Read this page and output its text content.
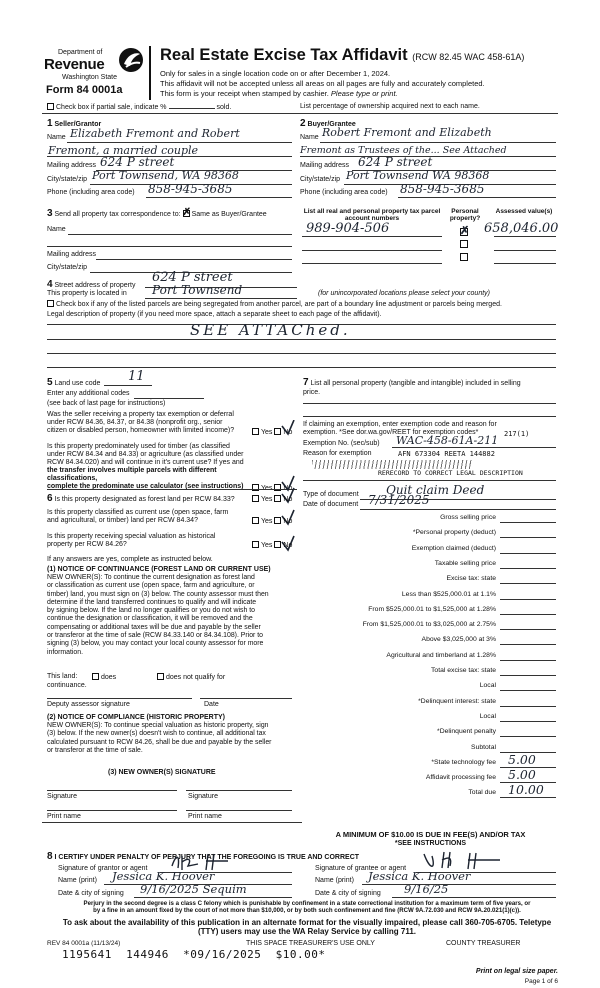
Department of
Revenue
Washington State
Form 84 0001a
Real Estate Excise Tax Affidavit (RCW 82.45 WAC 458-61A)
Only for sales in a single location code on or after December 1, 2024.
This affidavit will not be accepted unless all areas on all pages are fully and accurately completed.
This form is your receipt when stamped by cashier. Please type or print.
Check box if partial sale, indicate %	sold.	List percentage of ownership acquired next to each name.
1 Seller/Grantor
Name Elizabeth Fremont and Robert
Fremont, a married couple
Mailing address 624 P street
City/state/zip Port Townsend, WA 98368
Phone (including area code) 858-945-3685
2 Buyer/Grantee
Name Robert Fremont and Elizabeth
Fremont as Trustees of the... See Attached
Mailing address 624 P street
City/state/zip Port Townsend WA 98368
Phone (including area code) 858-945-3685
3 Send all property tax correspondence to: ✗ Same as Buyer/Grantee
Name
Mailing address
City/state/zip
List all real and personal property tax parcel account numbers
Personal property?
Assessed value(s)
989-904-506	✗ 658,046.00
4 Street address of property
624 P street
This property is located in Port Townsend	(for unincorporated locations please select your county)
Check box if any of the listed parcels are being segregated from another parcel, are part of a boundary line adjustment or parcels being merged.
Legal description of property (if you need more space, attach a separate sheet to each page of the affidavit).
SEE ATTAChed.
5 Land use code 11
Enter any additional codes
(see back of last page for instructions)
Was the seller receiving a property tax exemption or deferral
under RCW 84.36, 84.37, or 84.38 (nonprofit org., senior
citizen or disabled person, homeowner with limited income)?	Yes No
Is this property predominately used for timber (as classified
under RCW 84.34 and 84.33) or agriculture (as classified under
RCW 84.34.020) and will continue in it's current use? If yes and
the transfer involves multiple parcels with different classifications,
complete the predominate use calculator (see instructions)	Yes No
6 Is this property designated as forest land per RCW 84.33?	Yes No
Is this property classified as current use (open space, farm
and agricultural, or timber) land per RCW 84.34?	Yes No
Is this property receiving special valuation as historical
property per RCW 84.26?	Yes No
If any answers are yes, complete as instructed below.
(1) NOTICE OF CONTINUANCE (FOREST LAND OR CURRENT USE)
NEW OWNER(S): To continue the current designation as forest land
or classification as current use (open space, farm and agriculture, or
timber) land, you must sign on (3) below. The county assessor must then
determine if the land transferred continues to qualify and will indicate
by signing below. If the land no longer qualifies or you do not wish to
continue the designation or classification, it will be removed and the
compensating or additional taxes will be due and payable by the seller
or transferor at the time of sale (RCW 84.33.140 or 84.34.108). Prior to
signing (3) below, you may contact your local county assessor for more
information.
This land:	does	does not qualify for
continuance.
Deputy assessor signature	Date
(2) NOTICE OF COMPLIANCE (HISTORIC PROPERTY)
NEW OWNER(S): To continue special valuation as historic property, sign
(3) below. If the new owner(s) doesn't wish to continue, all additional tax
calculated pursuant to RCW 84.26, shall be due and payable by the seller
or transferor at the time of sale.
(3) NEW OWNER(S) SIGNATURE
Signature	Signature
Print name	Print name
7 List all personal property (tangible and intangible) included in selling
price.
If claiming an exemption, enter exemption code and reason for
exemption. *See dor.wa.gov/REET for exemption codes*	217(1)
Exemption No. (sec/sub) WAC-458-61A-211
Reason for exemption	AFN 673304 REETA 144882
RERECORD TO CORRECT LEGAL DESCRIPTION
Type of document Quit claim Deed
Date of document 7/31/2025
Gross selling price
*Personal property (deduct)
Exemption claimed (deduct)
Taxable selling price
Excise tax: state
Less than $525,000.01 at 1.1%
From $525,000.01 to $1,525,000 at 1.28%
From $1,525,000.01 to $3,025,000 at 2.75%
Above $3,025,000 at 3%
Agricultural and timberland at 1.28%
Total excise tax: state
Local
*Delinquent interest: state
Local
*Delinquent penalty
Subtotal
*State technology fee 5.00
Affidavit processing fee 5.00
Total due 10.00
A MINIMUM OF $10.00 IS DUE IN FEE(S) AND/OR TAX
*SEE INSTRUCTIONS
8 I CERTIFY UNDER PENALTY OF PERJURY THAT THE FOREGOING IS TRUE AND CORRECT
Signature of grantor or agent
Name (print) Jessica K. Hoover
Date & city of signing 9/16/2025 Sequim
Signature of grantee or agent
Name (print) Jessica K. Hoover
Date & city of signing 9/16/25
Perjury in the second degree is a class C felony which is punishable by confinement in a state correctional institution for a maximum term of five years, or
by a fine in an amount fixed by the court of not more than $10,000, or by both such confinement and fine (RCW 9A.72.030 and RCW 9A.20.021(1)(c)).
To ask about the availability of this publication in an alternate format for the visually impaired, please call 360-705-6705. Teletype
(TTY) users may use the WA Relay Service by calling 711.
REV 84 0001a (11/13/24)	THIS SPACE TREASURER'S USE ONLY	COUNTY TREASURER
1195641  144946  *09/16/2025  $10.00*
Print on legal size paper.
Page 1 of 6
